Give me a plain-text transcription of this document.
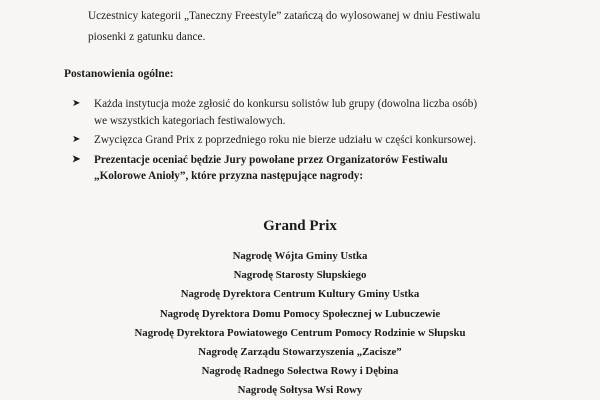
Uczestnicy kategorii „Taneczny Freestyle” zatańczą do wylosowanej w dniu Festiwalu

piosenki z gatunku dance.

Postanowienia ogólne:

➤ Każda instytucja może zgłosić do konkursu solistów lub grupy (dowolna liczba osób)
we wszystkich kategoriach festiwalowych.
➤ Zwycięzca Grand Prix z poprzedniego roku nie bierze udziału w części konkursowej.
➤ Prezentacje oceniać będzie Jury powołane przez Organizatorów Festiwalu
„Kolorowe Anioły”, które przyzna następujące nagrody:

Grand Prix

Nagrodę Wójta Gminy Ustka
Nagrodę Starosty Słupskiego
Nagrodę Dyrektora Centrum Kultury Gminy Ustka
Nagrodę Dyrektora Domu Pomocy Społecznej w Lubuczewie
Nagrodę Dyrektora Powiatowego Centrum Pomocy Rodzinie w Słupsku
Nagrodę Zarządu Stowarzyszenia „Zacisze”
Nagrodę Radnego Sołectwa Rowy i Dębina
Nagrodę Sołtysa Wsi Rowy
